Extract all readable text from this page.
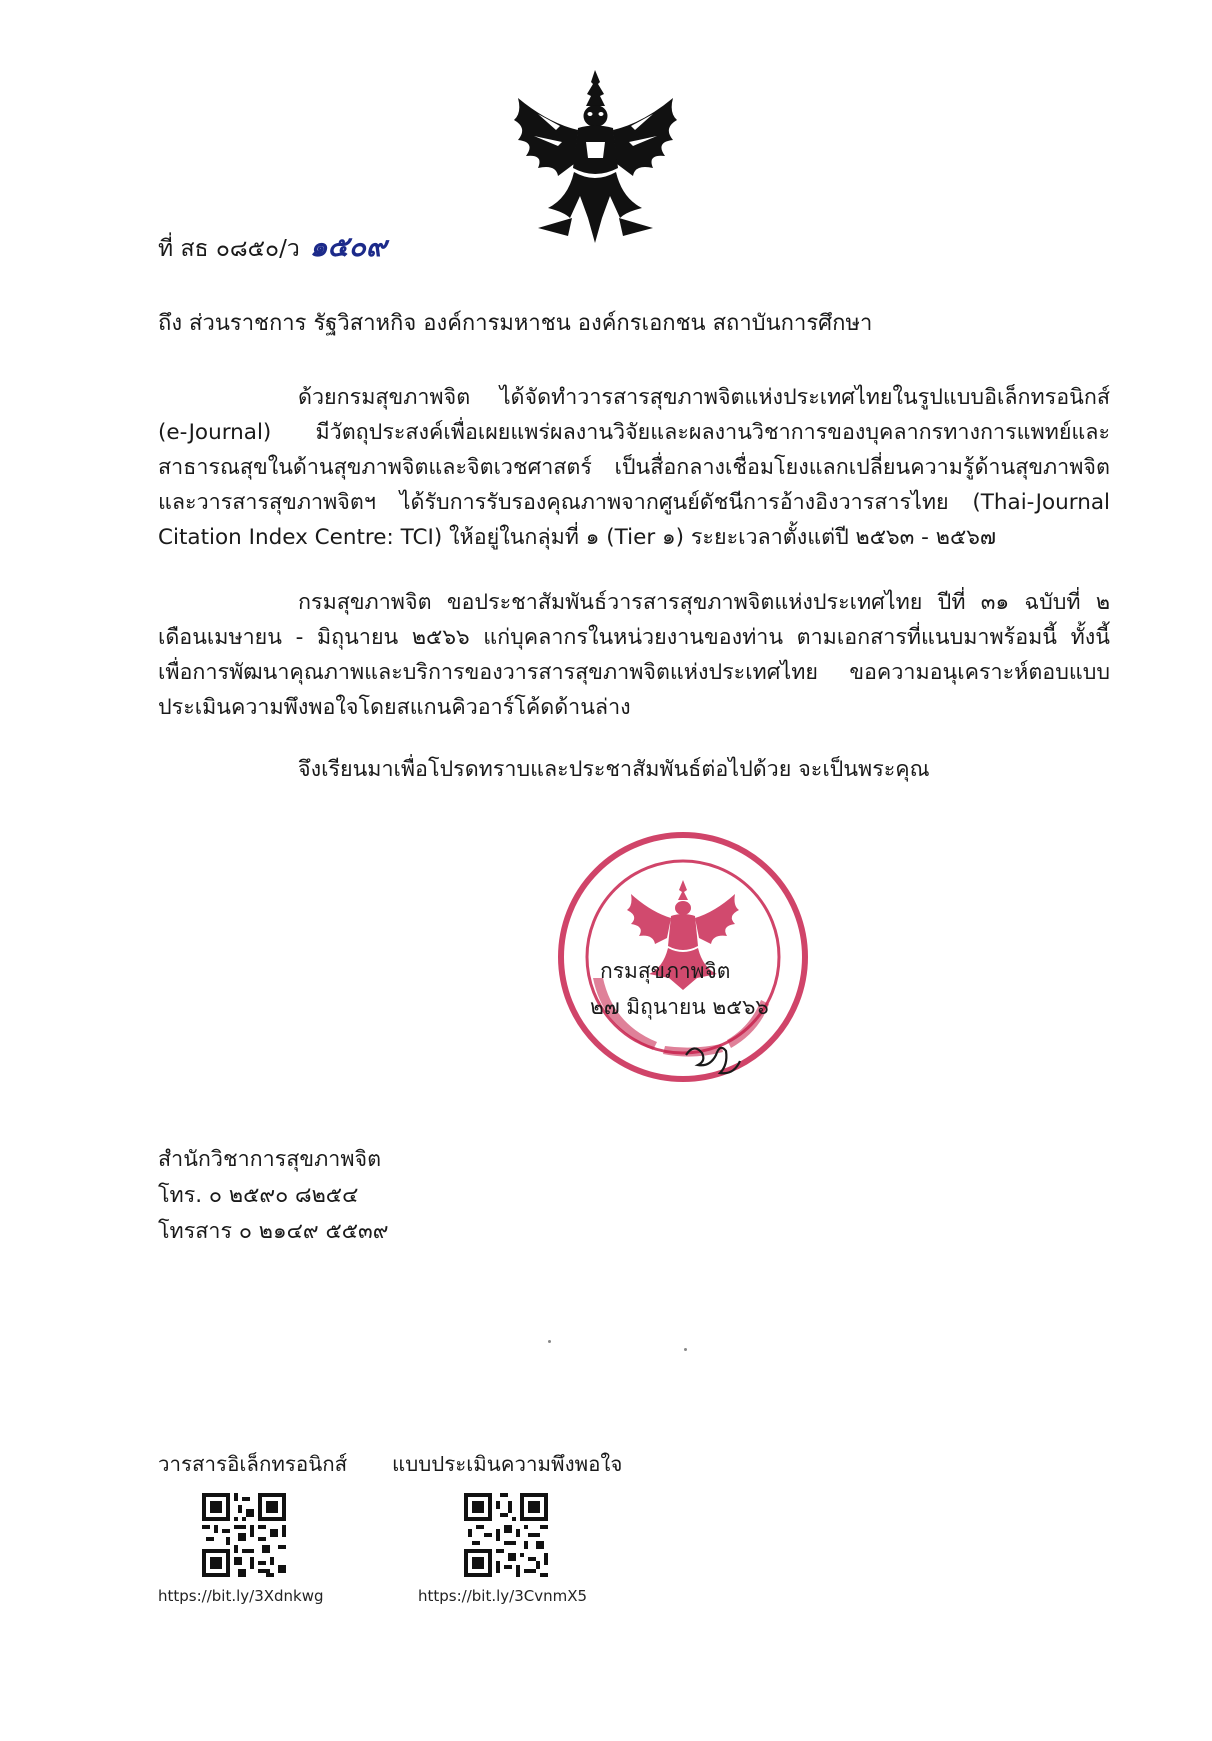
ที่ สธ ๐๘๕๐/ว ๑๕๐๙
ถึง ส่วนราชการ รัฐวิสาหกิจ องค์การมหาชน องค์กรเอกชน สถาบันการศึกษา
ด้วยกรมสุขภาพจิต ได้จัดทำวารสารสุขภาพจิตแห่งประเทศไทยในรูปแบบอิเล็กทรอนิกส์ (e-Journal) มีวัตถุประสงค์เพื่อเผยแพร่ผลงานวิจัยและผลงานวิชาการของบุคลากรทางการแพทย์และสาธารณสุขในด้านสุขภาพจิตและจิตเวชศาสตร์ เป็นสื่อกลางเชื่อมโยงแลกเปลี่ยนความรู้ด้านสุขภาพจิต และวารสารสุขภาพจิตฯ ได้รับการรับรองคุณภาพจากศูนย์ดัชนีการอ้างอิงวารสารไทย (Thai-Journal Citation Index Centre: TCI) ให้อยู่ในกลุ่มที่ ๑ (Tier ๑) ระยะเวลาตั้งแต่ปี ๒๕๖๓ - ๒๕๖๗
กรมสุขภาพจิต ขอประชาสัมพันธ์วารสารสุขภาพจิตแห่งประเทศไทย ปีที่ ๓๑ ฉบับที่ ๒ เดือนเมษายน - มิถุนายน ๒๕๖๖ แก่บุคลากรในหน่วยงานของท่าน ตามเอกสารที่แนบมาพร้อมนี้ ทั้งนี้ เพื่อการพัฒนาคุณภาพและบริการของวารสารสุขภาพจิตแห่งประเทศไทย ขอความอนุเคราะห์ตอบแบบประเมินความพึงพอใจโดยสแกนคิวอาร์โค้ดด้านล่าง
จึงเรียนมาเพื่อโปรดทราบและประชาสัมพันธ์ต่อไปด้วย จะเป็นพระคุณ
กรมสุขภาพจิต
๒๗ มิถุนายน ๒๕๖๖
สำนักวิชาการสุขภาพจิต
โทร. ๐ ๒๕๙๐ ๘๒๕๔
โทรสาร ๐ ๒๑๔๙ ๕๕๓๙
วารสารอิเล็กทรอนิกส์
https://bit.ly/3Xdnkwg
แบบประเมินความพึงพอใจ
https://bit.ly/3CvnmX5
